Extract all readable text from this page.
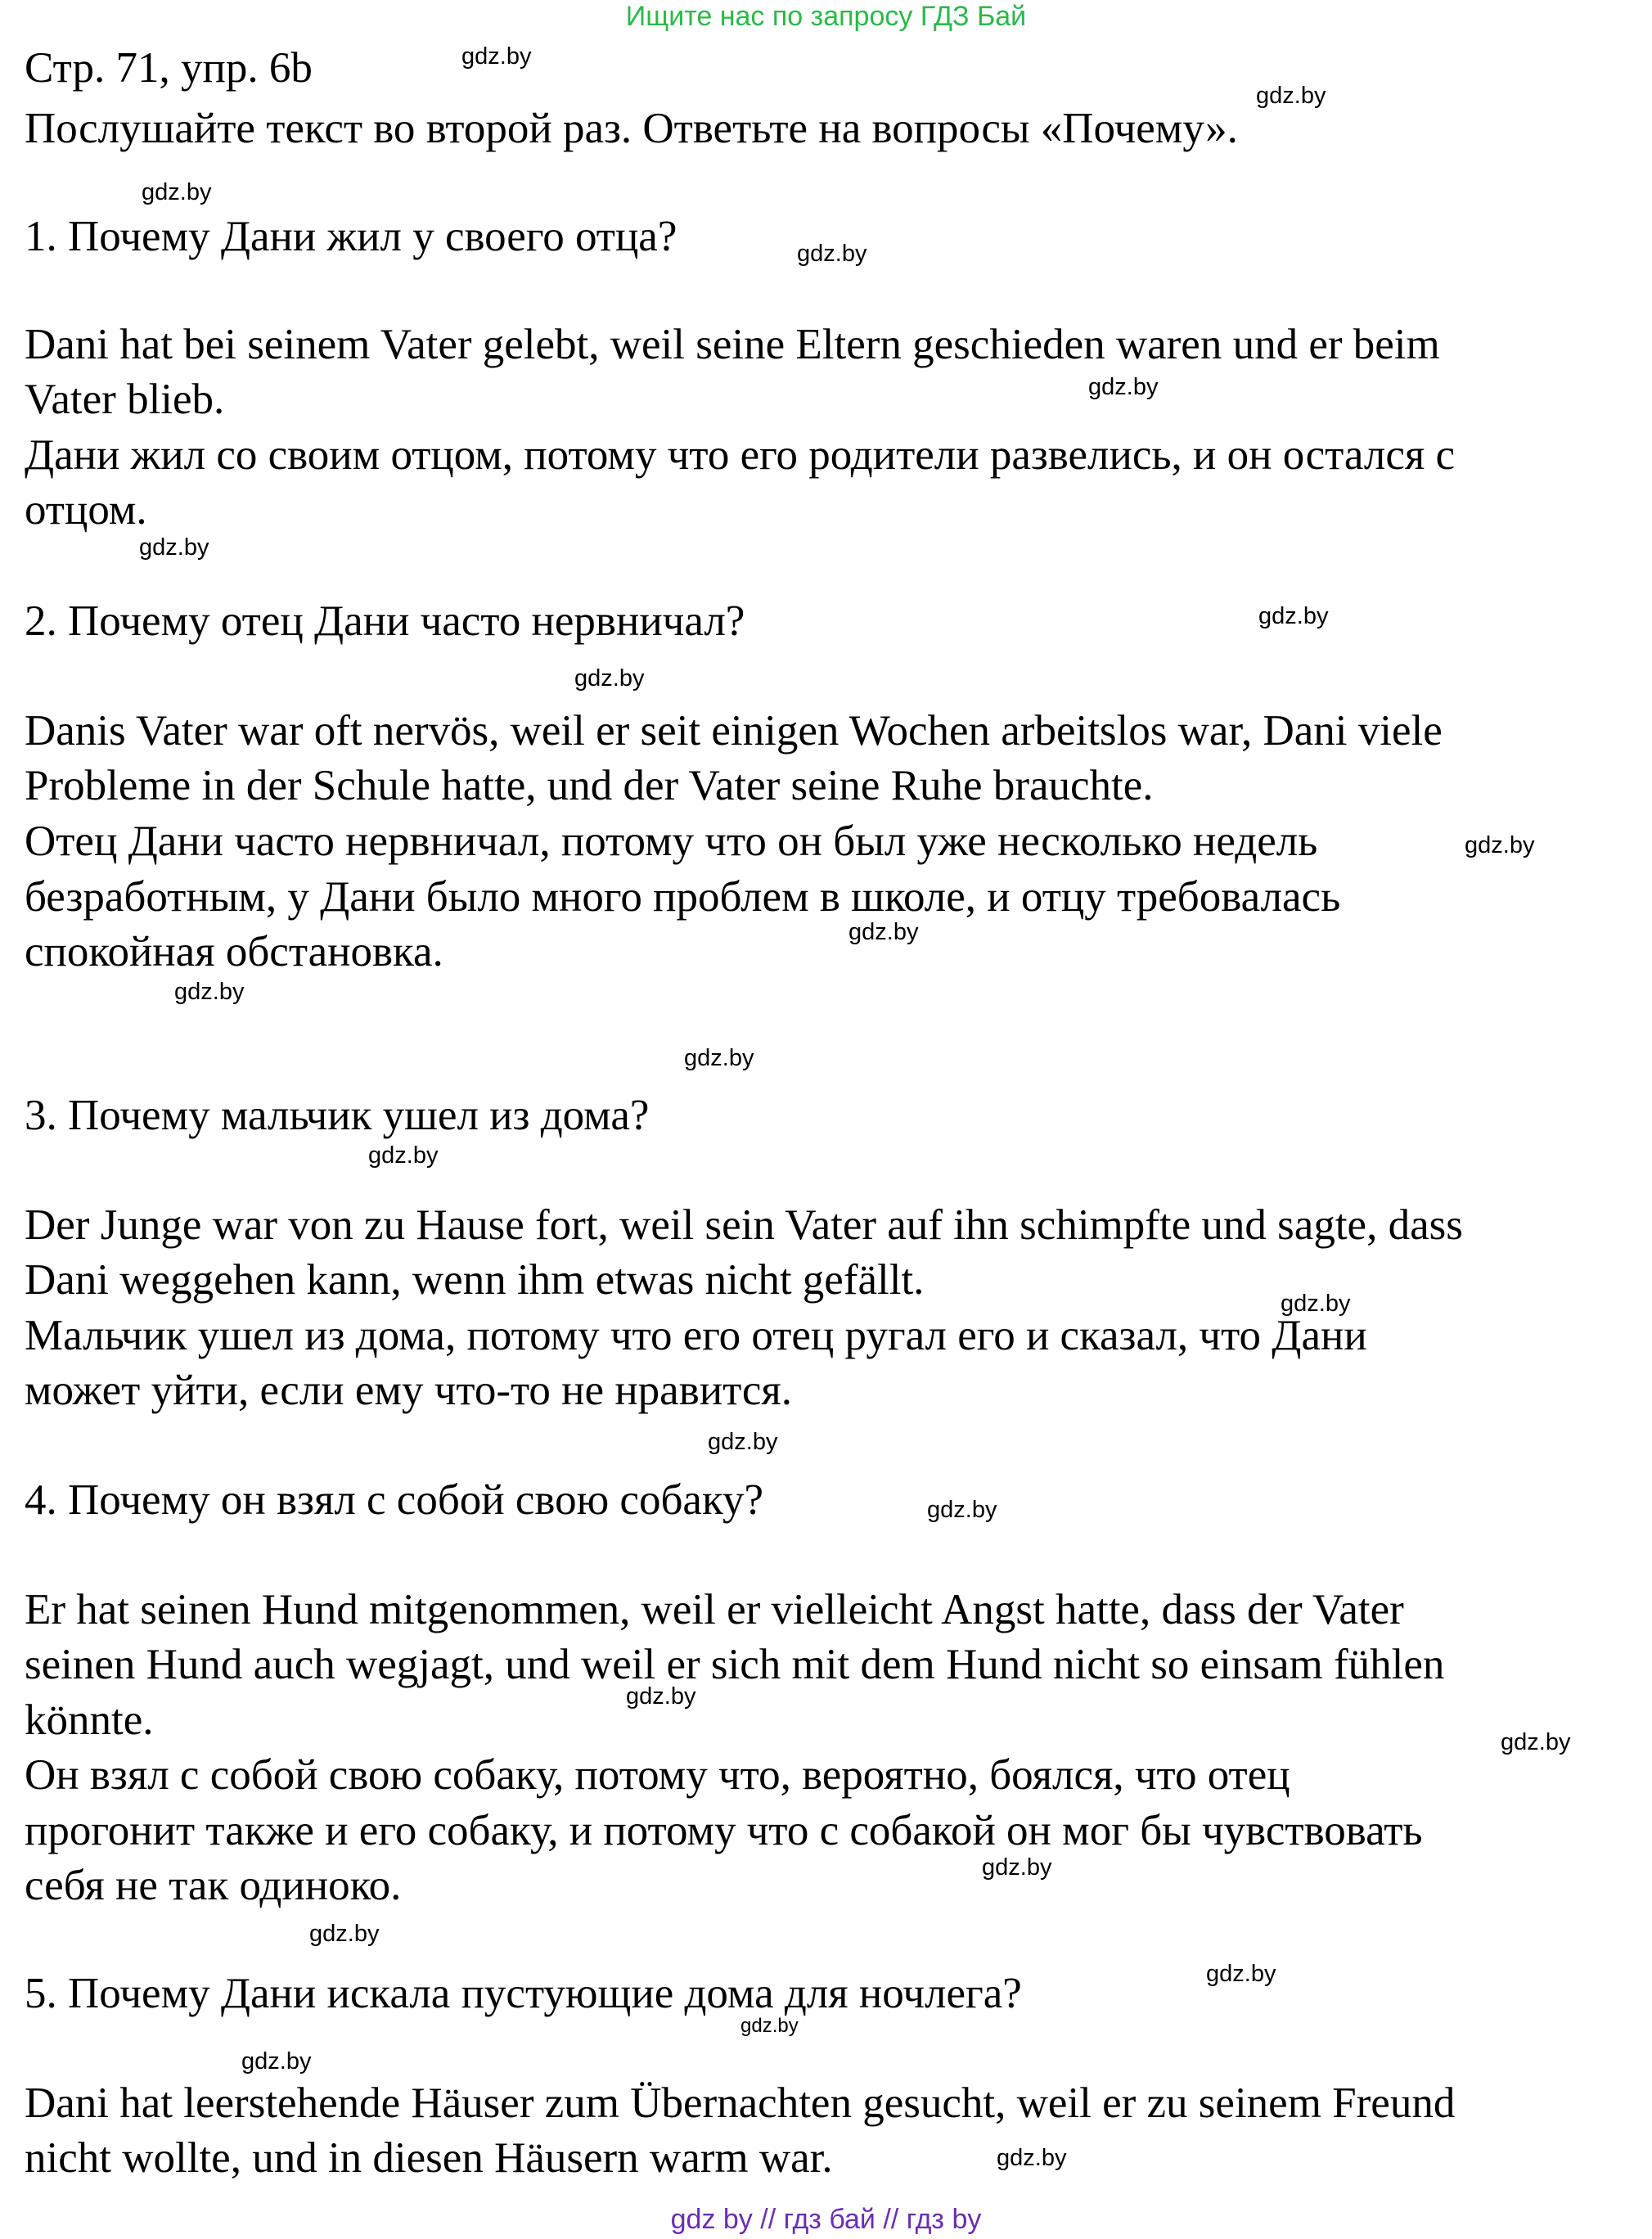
Ищите нас по запросу ГДЗ Бай
Стр. 71, упр. 6b
Послушайте текст во второй раз. Ответьте на вопросы «Почему».
1. Почему Дани жил у своего отца?
Dani hat bei seinem Vater gelebt, weil seine Eltern geschieden waren und er beim
Vater blieb.
Дани жил со своим отцом, потому что его родители развелись, и он остался с
отцом.
2. Почему отец Дани часто нервничал?
Danis Vater war oft nervös, weil er seit einigen Wochen arbeitslos war, Dani viele
Probleme in der Schule hatte, und der Vater seine Ruhe brauchte.
Отец Дани часто нервничал, потому что он был уже несколько недель
безработным, у Дани было много проблем в школе, и отцу требовалась
спокойная обстановка.
3. Почему мальчик ушел из дома?
Der Junge war von zu Hause fort, weil sein Vater auf ihn schimpfte und sagte, dass
Dani weggehen kann, wenn ihm etwas nicht gefällt.
Мальчик ушел из дома, потому что его отец ругал его и сказал, что Дани
может уйти, если ему что-то не нравится.
4. Почему он взял с собой свою собаку?
Er hat seinen Hund mitgenommen, weil er vielleicht Angst hatte, dass der Vater
seinen Hund auch wegjagt, und weil er sich mit dem Hund nicht so einsam fühlen
könnte.
Он взял с собой свою собаку, потому что, вероятно, боялся, что отец
прогонит также и его собаку, и потому что с собакой он мог бы чувствовать
себя не так одиноко.
5. Почему Дани искала пустующие дома для ночлега?
Dani hat leerstehende Häuser zum Übernachten gesucht, weil er zu seinem Freund
nicht wollte, und in diesen Häusern warm war.
gdz.by
gdz.by
gdz.by
gdz.by
gdz.by
gdz.by
gdz.by
gdz.by
gdz.by
gdz.by
gdz.by
gdz.by
gdz.by
gdz.by
gdz.by
gdz.by
gdz.by
gdz.by
gdz.by
gdz.by
gdz.by
gdz.by
gdz.by
gdz.by
gdz by // гдз бай // гдз by
